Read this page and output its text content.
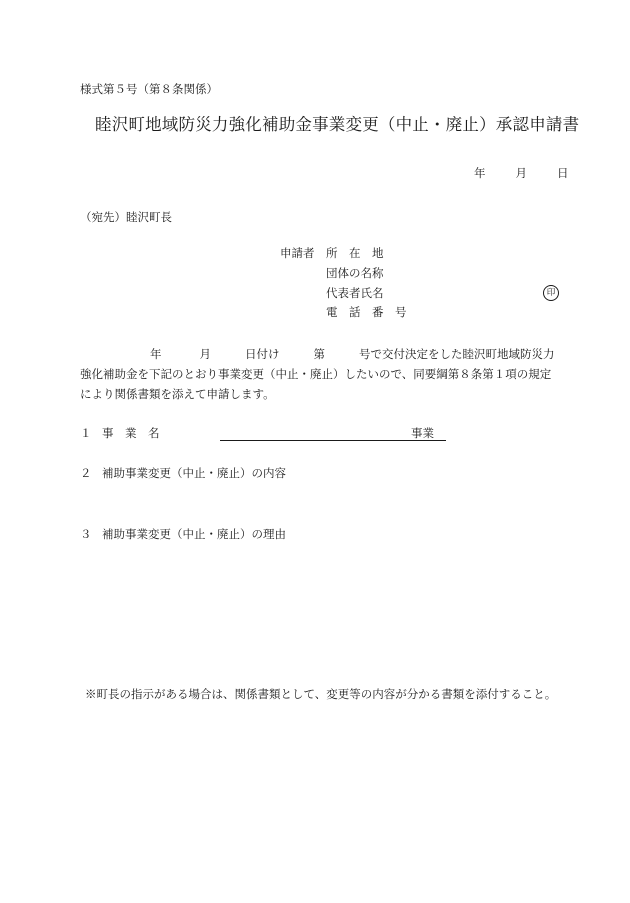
様式第５号（第８条関係）
睦沢町地域防災力強化補助金事業変更（中止・廃止）承認申請書
年	月	日
（宛先）睦沢町長
申請者 所　在　地
団体の名称
代表者氏名	印
電　話　番　号
年	月	日付け	第	号で交付決定をした睦沢町地域防災力
強化補助金を下記のとおり事業変更（中止・廃止）したいので、同要綱第８条第１項の規定
により関係書類を添えて申請します。
１ 事　業　名	事業
２ 補助事業変更（中止・廃止）の内容
３ 補助事業変更（中止・廃止）の理由
※町長の指示がある場合は、関係書類として、変更等の内容が分かる書類を添付すること。
